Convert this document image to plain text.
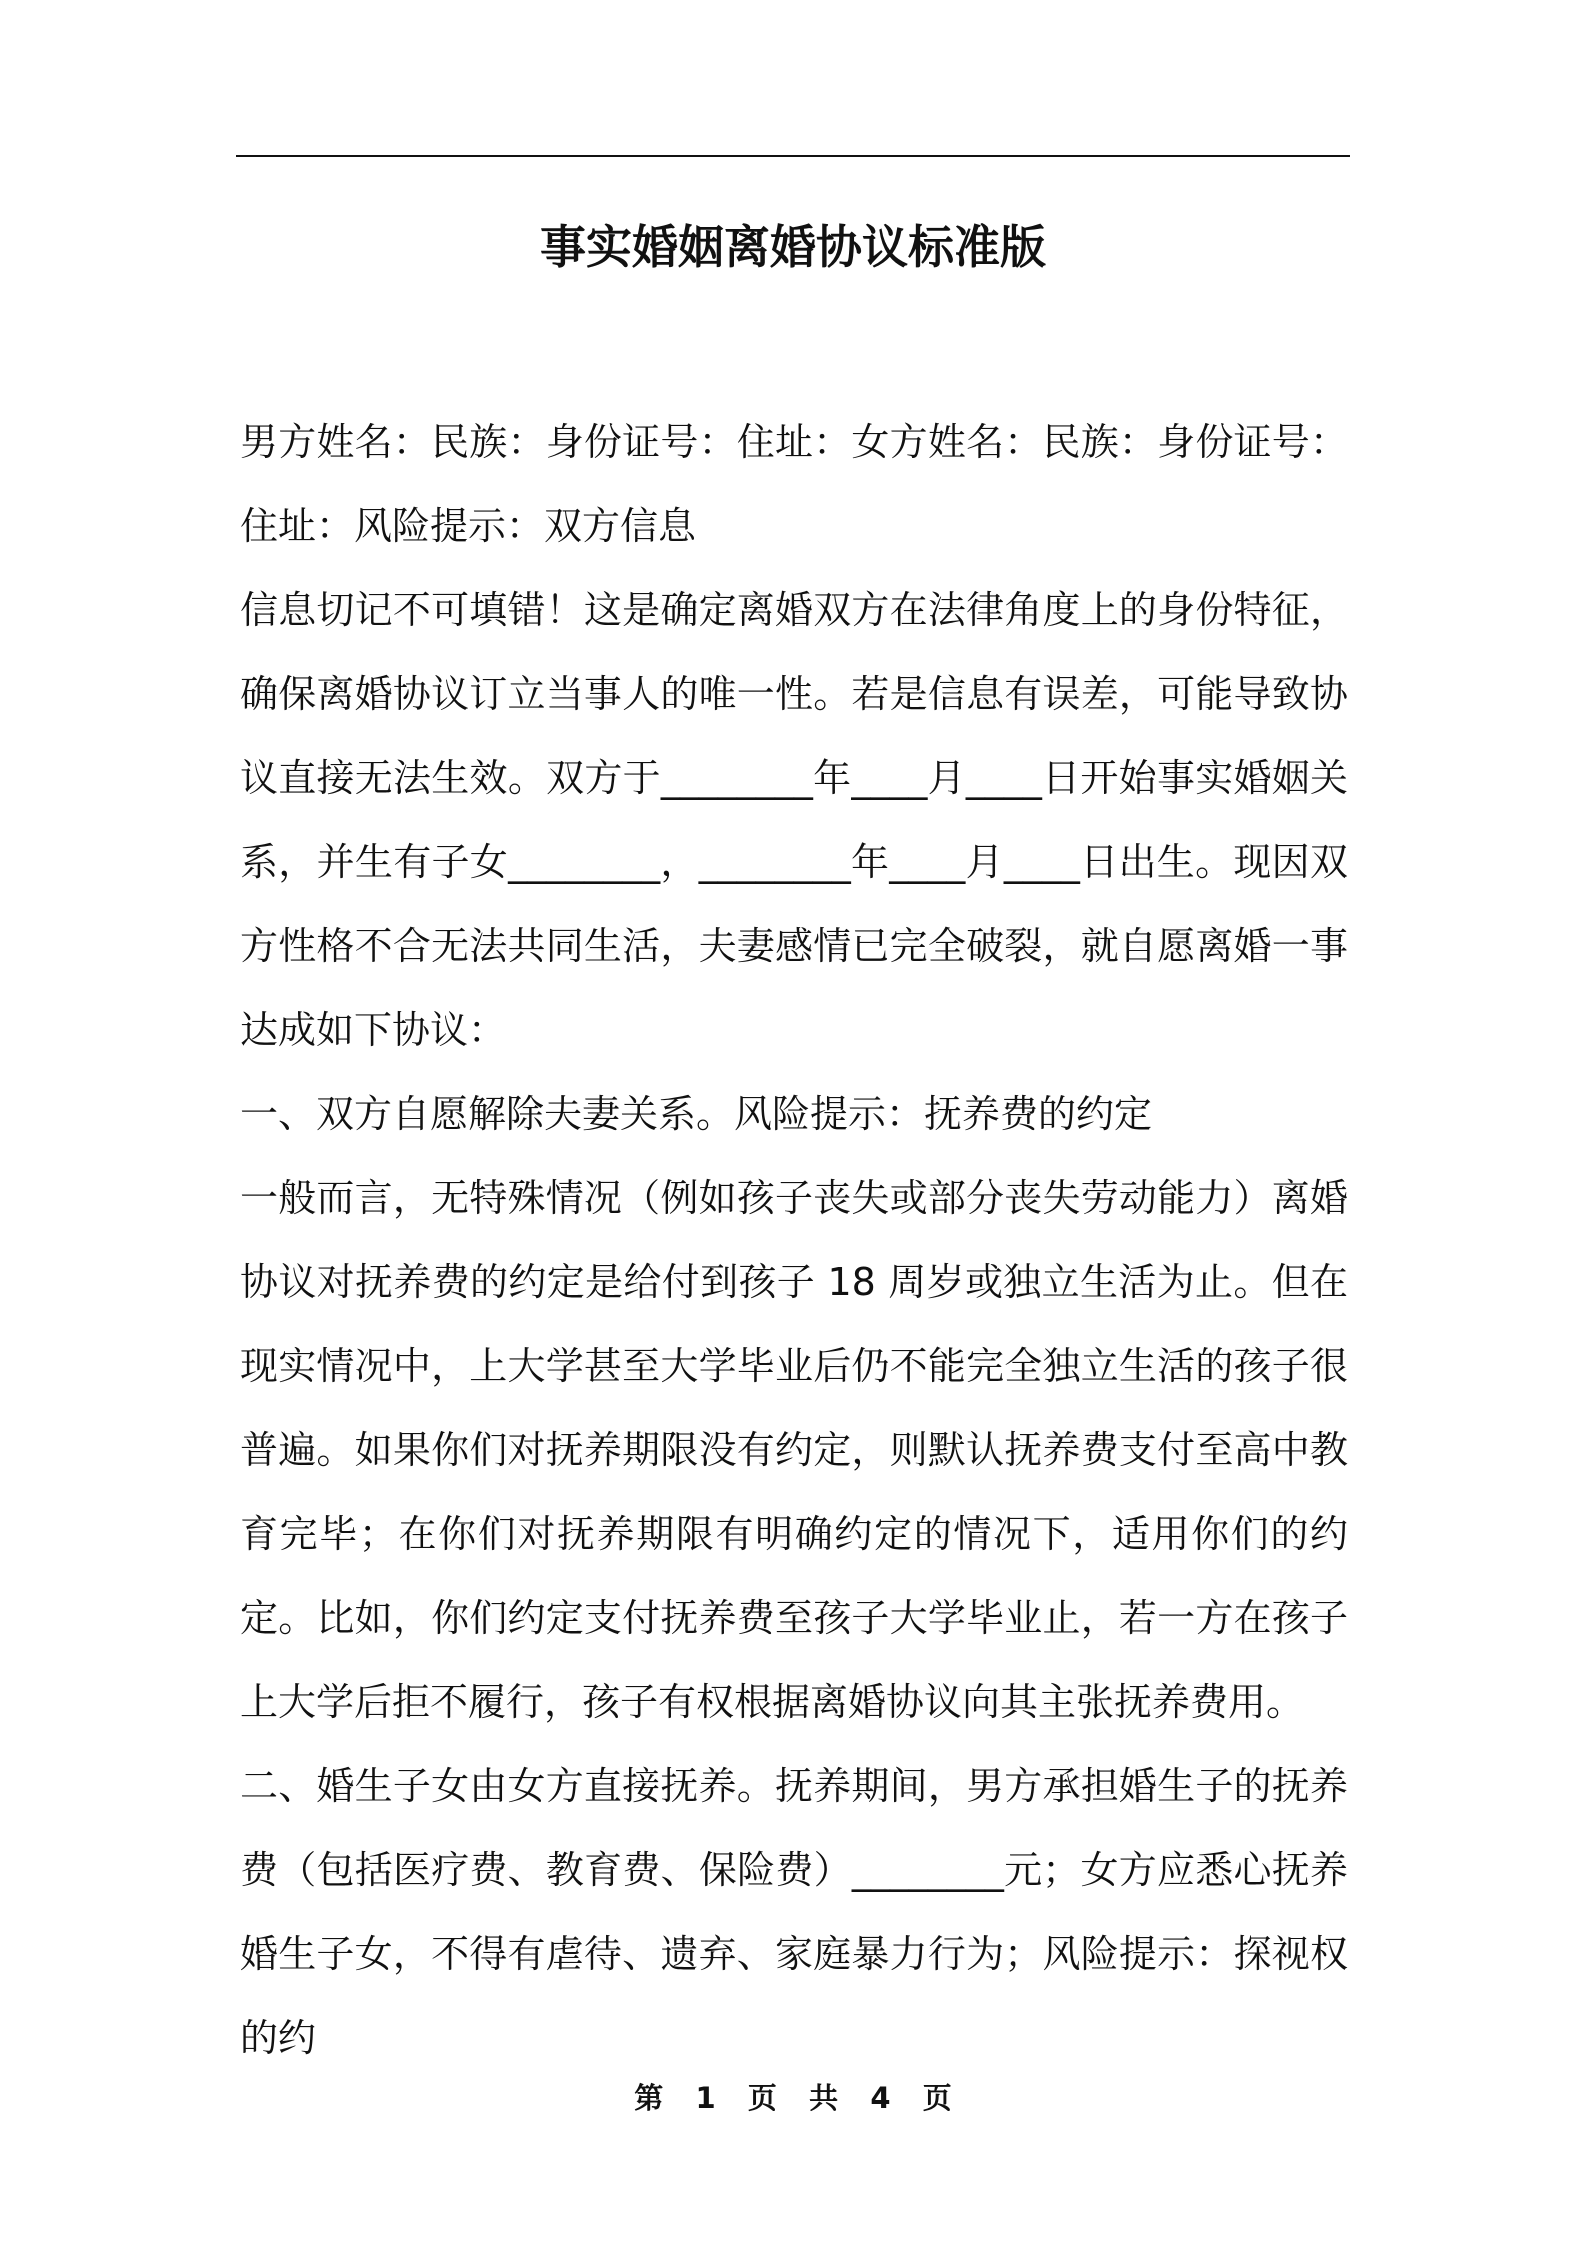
事实婚姻离婚协议标准版

男方姓名：民族：身份证号：住址：女方姓名：民族：身份证号：住址：风险提示：双方信息

信息切记不可填错！这是确定离婚双方在法律角度上的身份特征，确保离婚协议订立当事人的唯一性。若是信息有误差，可能导致协议直接无法生效。双方于________年____月____日开始事实婚姻关系，并生有子女________，________年____月____日出生。现因双方性格不合无法共同生活，夫妻感情已完全破裂，就自愿离婚一事达成如下协议：

一、双方自愿解除夫妻关系。风险提示：抚养费的约定

一般而言，无特殊情况（例如孩子丧失或部分丧失劳动能力）离婚协议对抚养费的约定是给付到孩子 18 周岁或独立生活为止。但在现实情况中，上大学甚至大学毕业后仍不能完全独立生活的孩子很普遍。如果你们对抚养期限没有约定，则默认抚养费支付至高中教育完毕；在你们对抚养期限有明确约定的情况下，适用你们的约定。比如，你们约定支付抚养费至孩子大学毕业止，若一方在孩子上大学后拒不履行，孩子有权根据离婚协议向其主张抚养费用。

二、婚生子女由女方直接抚养。抚养期间，男方承担婚生子的抚养费（包括医疗费、教育费、保险费）________元；女方应悉心抚养婚生子女，不得有虐待、遗弃、家庭暴力行为；风险提示：探视权的约

第 1 页 共 4 页
